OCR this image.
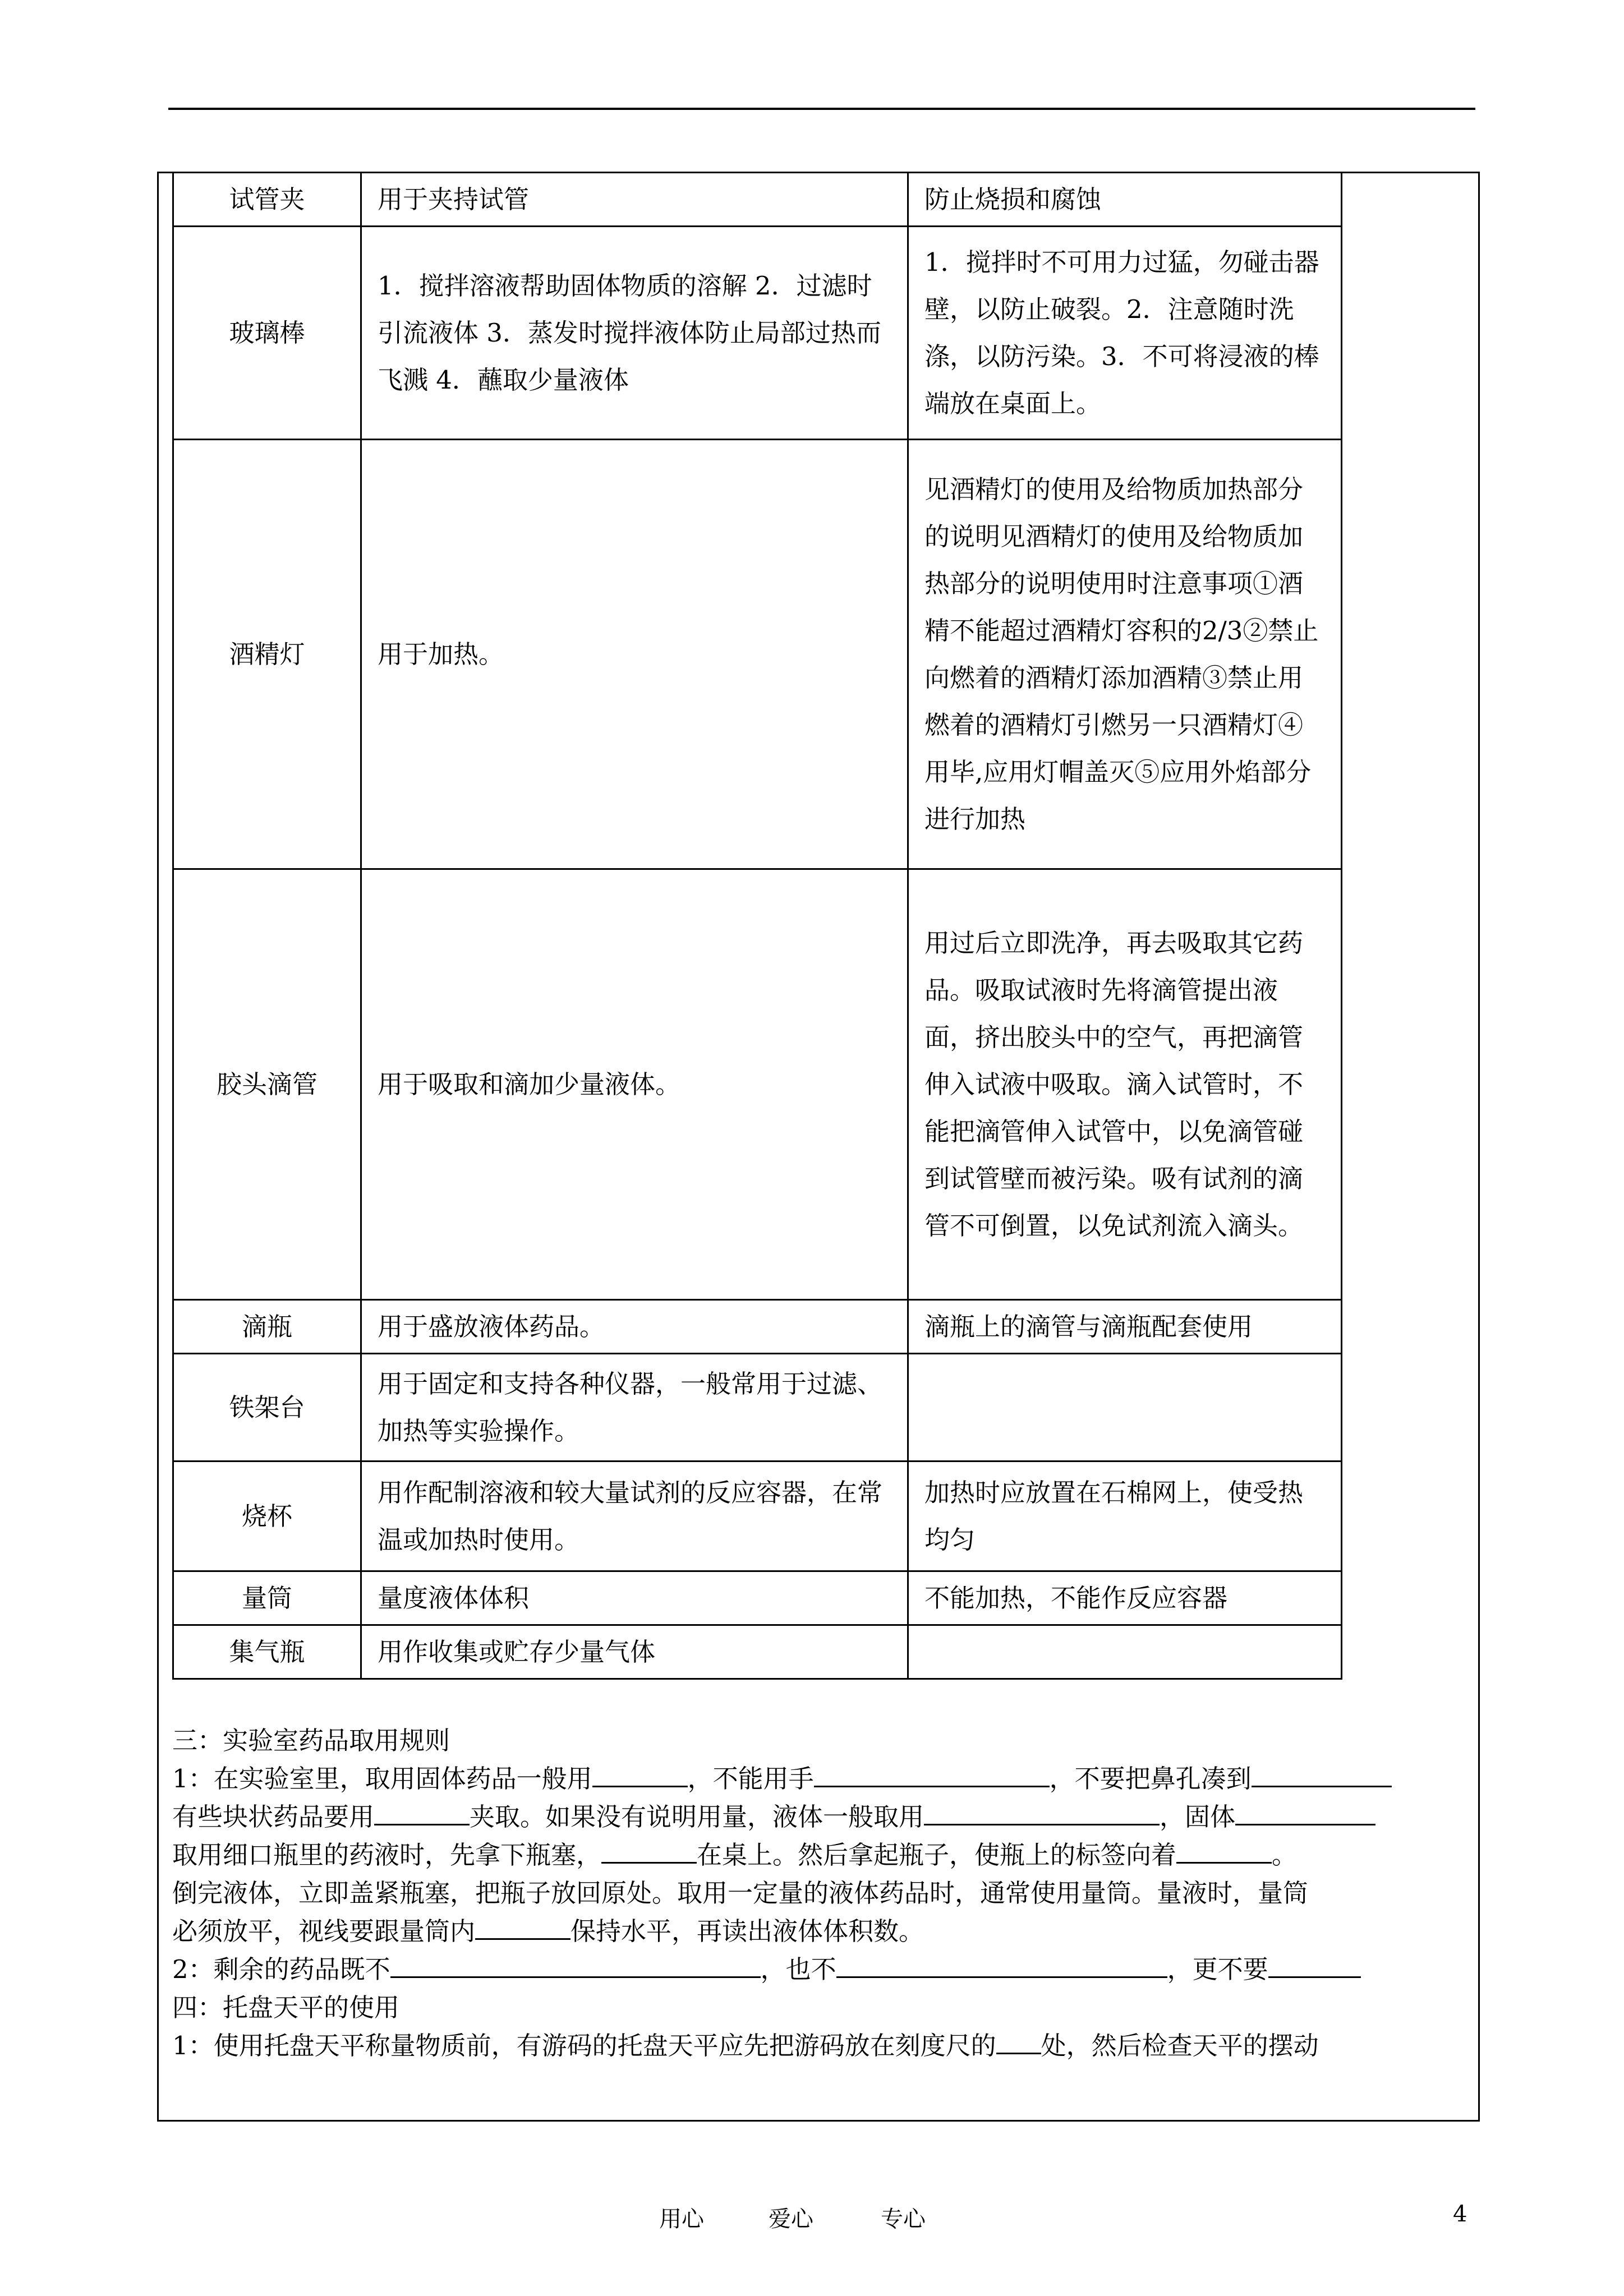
试管夹	用于夹持试管	防止烧损和腐蚀
玻璃棒	1．搅拌溶液帮助固体物质的溶解 2．过滤时引流液体 3．蒸发时搅拌液体防止局部过热而飞溅 4．蘸取少量液体	1．搅拌时不可用力过猛，勿碰击器壁，以防止破裂。2．注意随时洗涤，以防污染。3．不可将浸液的棒端放在桌面上。
酒精灯	用于加热。	见酒精灯的使用及给物质加热部分的说明见酒精灯的使用及给物质加热部分的说明使用时注意事项①酒精不能超过酒精灯容积的2/3②禁止向燃着的酒精灯添加酒精③禁止用燃着的酒精灯引燃另一只酒精灯④用毕,应用灯帽盖灭⑤应用外焰部分进行加热
胶头滴管	用于吸取和滴加少量液体。	用过后立即洗净，再去吸取其它药品。吸取试液时先将滴管提出液面，挤出胶头中的空气，再把滴管伸入试液中吸取。滴入试管时，不能把滴管伸入试管中，以免滴管碰到试管壁而被污染。吸有试剂的滴管不可倒置，以免试剂流入滴头。
滴瓶	用于盛放液体药品。	滴瓶上的滴管与滴瓶配套使用
铁架台	用于固定和支持各种仪器，一般常用于过滤、加热等实验操作。	
烧杯	用作配制溶液和较大量试剂的反应容器，在常温或加热时使用。	加热时应放置在石棉网上，使受热均匀
量筒	量度液体体积	不能加热，不能作反应容器
集气瓶	用作收集或贮存少量气体	
三：实验室药品取用规则
1：在实验室里，取用固体药品一般用	，不能用手	，不要把鼻孔凑到
有些块状药品要用	夹取。如果没有说明用量，液体一般取用	，固体
取用细口瓶里的药液时，先拿下瓶塞，	在桌上。然后拿起瓶子，使瓶上的标签向着	。
倒完液体，立即盖紧瓶塞，把瓶子放回原处。取用一定量的液体药品时，通常使用量筒。量液时，量筒
必须放平，视线要跟量筒内	保持水平，再读出液体体积数。
2：剩余的药品既不	，也不	，更不要
四：托盘天平的使用
1：使用托盘天平称量物质前，有游码的托盘天平应先把游码放在刻度尺的 处，然后检查天平的摆动
用心	爱心	专心	4
